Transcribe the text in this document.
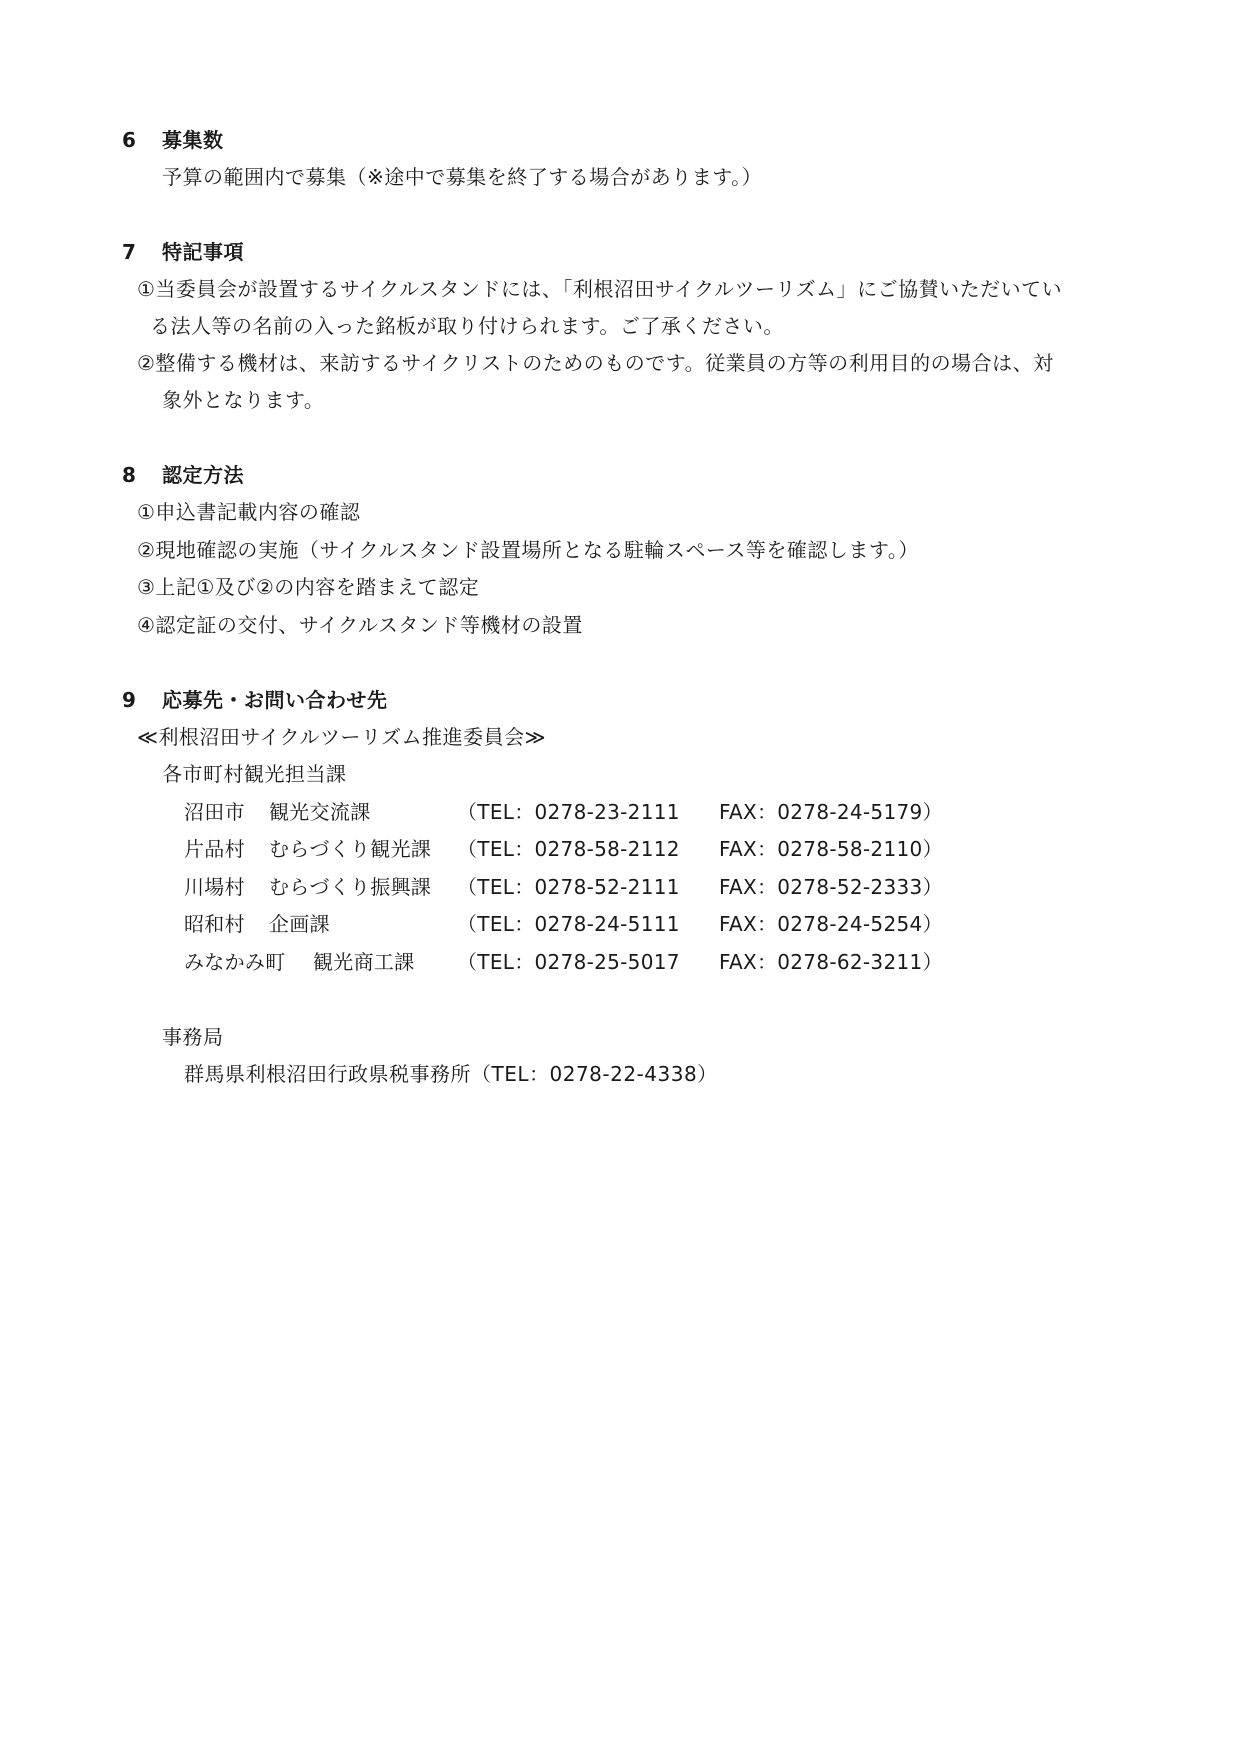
6 募集数
予算の範囲内で募集（※途中で募集を終了する場合があります。）
7 特記事項
①当委員会が設置するサイクルスタンドには、「利根沼田サイクルツーリズム」にご協賛いただいてい
る法人等の名前の入った銘板が取り付けられます。ご了承ください。
②整備する機材は、来訪するサイクリストのためのものです。従業員の方等の利用目的の場合は、対
象外となります。
8 認定方法
①申込書記載内容の確認
②現地確認の実施（サイクルスタンド設置場所となる駐輪スペース等を確認します。）
③上記①及び②の内容を踏まえて認定
④認定証の交付、サイクルスタンド等機材の設置
9 応募先・お問い合わせ先
≪利根沼田サイクルツーリズム推進委員会≫
各市町村観光担当課
沼田市 観光交流課	（TEL：0278-23-2111 FAX：0278-24-5179）
片品村 むらづくり観光課 （TEL：0278-58-2112 FAX：0278-58-2110）
川場村 むらづくり振興課 （TEL：0278-52-2111 FAX：0278-52-2333）
昭和村 企画課	（TEL：0278-24-5111 FAX：0278-24-5254）
みなかみ町 観光商工課 （TEL：0278-25-5017 FAX：0278-62-3211）
事務局
群馬県利根沼田行政県税事務所（TEL：0278-22-4338）
